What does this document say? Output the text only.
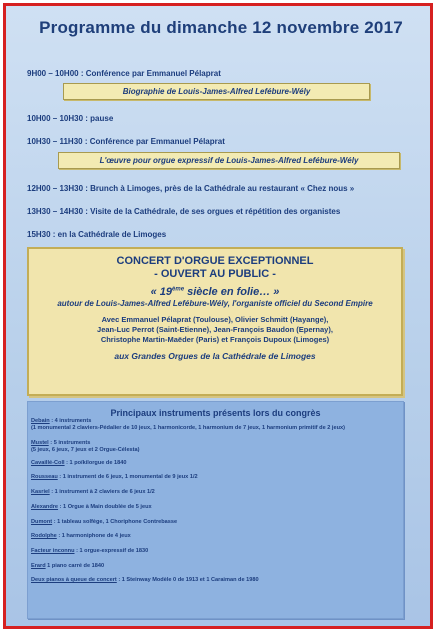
Programme du dimanche 12 novembre 2017
9H00 – 10H00 : Conférence par Emmanuel Pélaprat
Biographie de Louis-James-Alfred Lefébure-Wély
10H00 – 10H30 : pause
10H30 – 11H30 : Conférence par Emmanuel Pélaprat
L'œuvre pour orgue expressif de Louis-James-Alfred Lefébure-Wély
12H00 – 13H30 : Brunch à Limoges, près de la Cathédrale au restaurant « Chez nous »
13H30 – 14H30 : Visite de la Cathédrale, de ses orgues et répétition des organistes
15H30 : en la Cathédrale de Limoges
CONCERT D'ORGUE EXCEPTIONNEL
- OUVERT AU PUBLIC -
« 19ème siècle en folie… »
autour de Louis-James-Alfred Lefébure-Wély, l'organiste officiel du Second Empire
Avec Emmanuel Pélaprat (Toulouse), Olivier Schmitt (Hayange),
Jean-Luc Perrot (Saint-Etienne), Jean-François Baudon (Epernay),
Christophe Martin-Maëder (Paris) et François Dupoux (Limoges)
aux Grandes Orgues de la Cathédrale de Limoges
Principaux instruments présents lors du congrès
Debain : 4 instruments
(1 monumental 2 claviers-Pédalier de 10 jeux, 1 harmonicorde, 1 harmonium de 7 jeux, 1 harmonium primitif de 2 jeux)
Mustel : 5 instruments
(5 jeux, 6 jeux, 7 jeux et 2 Orgue-Célesta)
Cavaillé-Coll : 1 poïkilorgue de 1840
Rousseau : 1 instrument de 6 jeux, 1 monumental de 9 jeux 1/2
Kasriel : 1 instrument à 2 claviers de 6 jeux 1/2
Alexandre : 1 Orgue à Main doublée de 5 jeux
Dumont : 1 tableau solfège, 1 Choriphone Contrebasse
Rodolphe : 1 harmoniphone de 4 jeux
Facteur inconnu : 1 orgue-expressif de 1830
Erard 1 piano carré de 1840
Deux pianos à queue de concert : 1 Steinway Modèle 0 de 1913 et 1 Caraiman de 1980
